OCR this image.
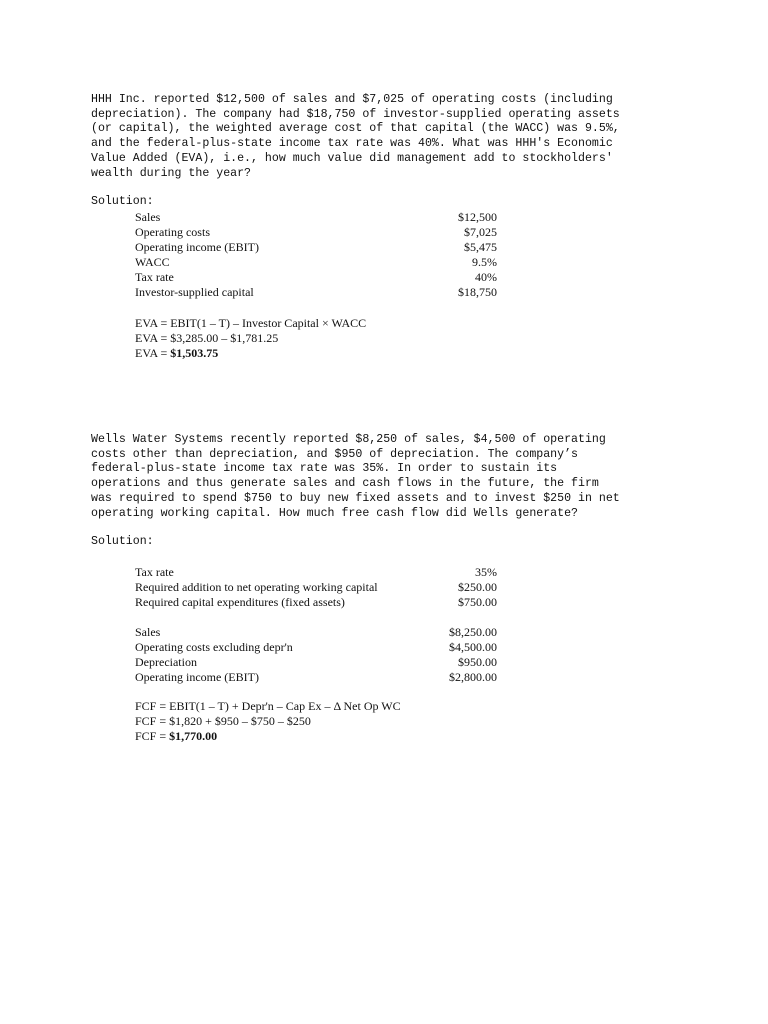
HHH Inc. reported $12,500 of sales and $7,025 of operating costs (including

depreciation). The company had $18,750 of investor-supplied operating assets

(or capital), the weighted average cost of that capital (the WACC) was 9.5%,

and the federal-plus-state income tax rate was 40%. What was HHH's Economic

Value Added (EVA), i.e., how much value did management add to stockholders'

wealth during the year?

Solution:
Sales	$12,500
Operating costs	$7,025
Operating income (EBIT)	$5,475
WACC	9.5%
Tax rate	40%
Investor-supplied capital	$18,750
EVA = EBIT(1 – T) – Investor Capital × WACC
EVA = $3,285.00 – $1,781.25
EVA = $1,503.75

Wells Water Systems recently reported $8,250 of sales, $4,500 of operating

costs other than depreciation, and $950 of depreciation. The company’s

federal-plus-state income tax rate was 35%. In order to sustain its

operations and thus generate sales and cash flows in the future, the firm

was required to spend $750 to buy new fixed assets and to invest $250 in net

operating working capital. How much free cash flow did Wells generate?

Solution:
Tax rate	35%
Required addition to net operating working capital	$250.00
Required capital expenditures (fixed assets)	$750.00
Sales	$8,250.00
Operating costs excluding depr'n	$4,500.00
Depreciation	$950.00
Operating income (EBIT)	$2,800.00
FCF = EBIT(1 – T) + Depr'n – Cap Ex – Δ Net Op WC
FCF = $1,820 + $950 – $750 – $250
FCF = $1,770.00
